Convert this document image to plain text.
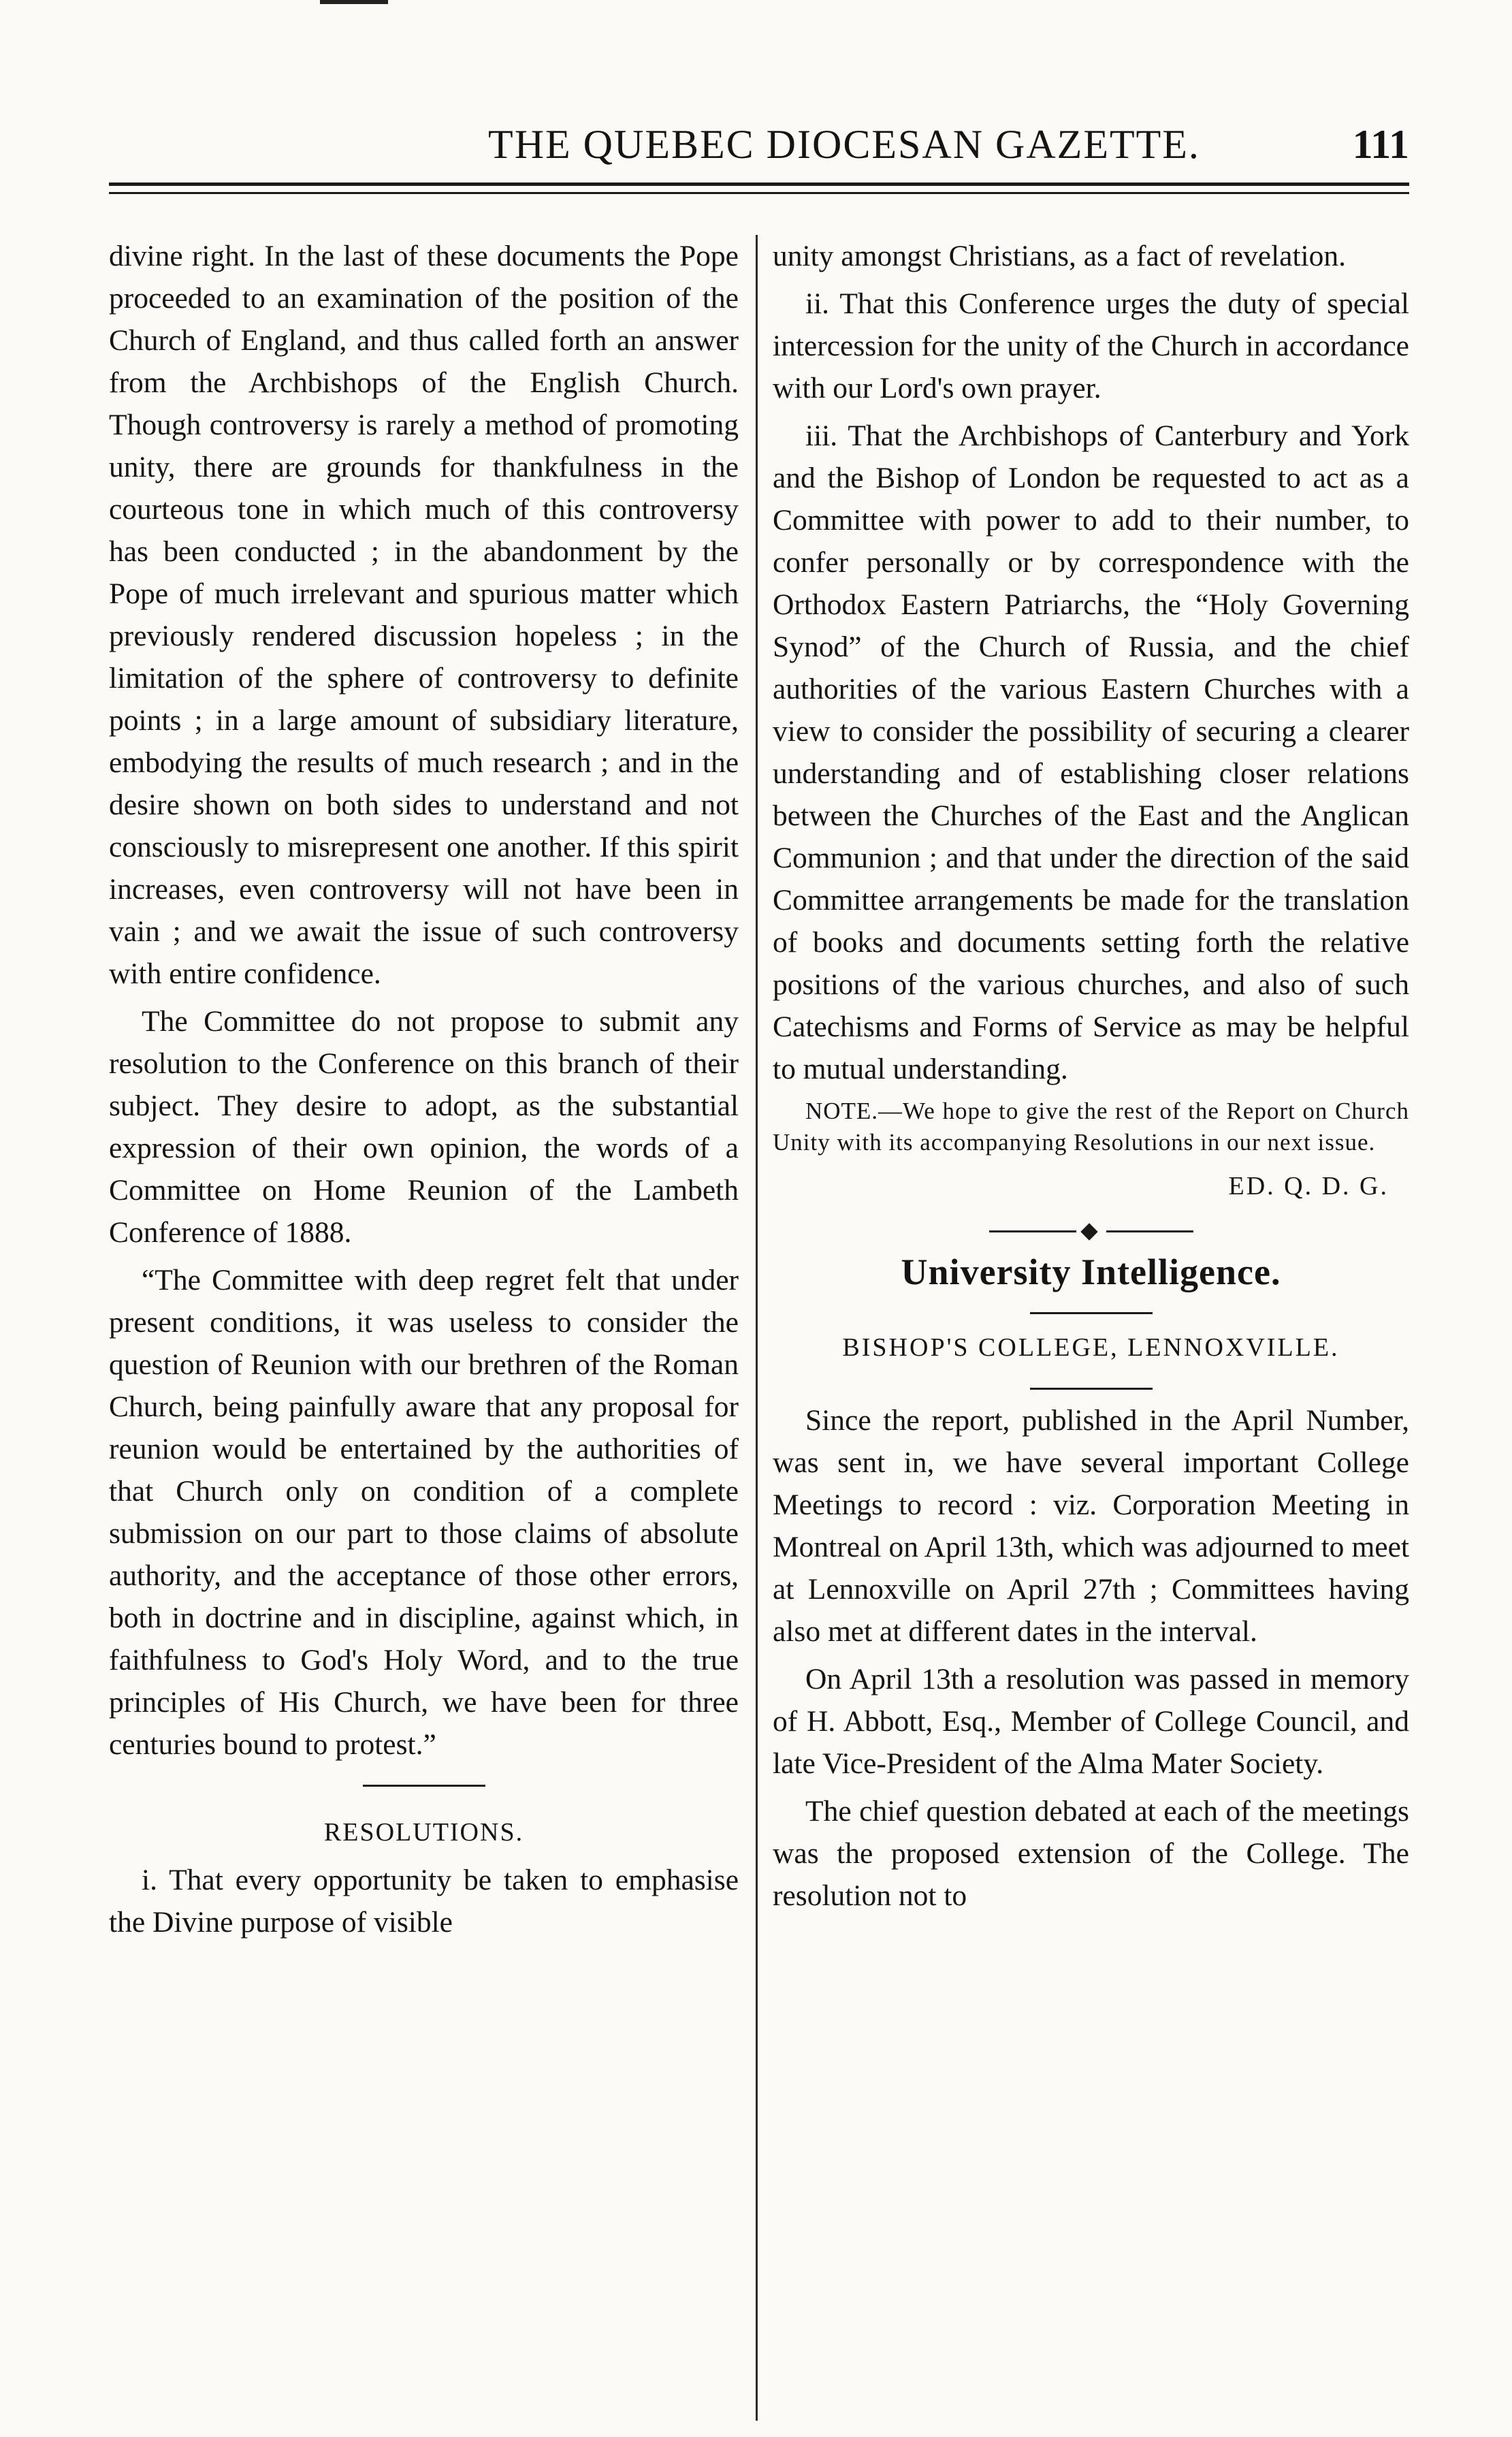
THE QUEBEC DIOCESAN GAZETTE.	111

divine right. In the last of these documents the Pope proceeded to an examination of the position of the Church of England, and thus called forth an answer from the Archbishops of the English Church. Though controversy is rarely a method of promoting unity, there are grounds for thankfulness in the courteous tone in which much of this controversy has been conducted ; in the abandonment by the Pope of much irrelevant and spurious matter which previously rendered discussion hopeless ; in the limitation of the sphere of controversy to definite points ; in a large amount of subsidiary literature, embodying the results of much research ; and in the desire shown on both sides to understand and not consciously to misrepresent one another. If this spirit increases, even controversy will not have been in vain ; and we await the issue of such controversy with entire confidence.

The Committee do not propose to submit any resolution to the Conference on this branch of their subject. They desire to adopt, as the substantial expression of their own opinion, the words of a Committee on Home Reunion of the Lambeth Conference of 1888.

“The Committee with deep regret felt that under present conditions, it was useless to consider the question of Reunion with our brethren of the Roman Church, being painfully aware that any proposal for reunion would be entertained by the authorities of that Church only on condition of a complete submission on our part to those claims of absolute authority, and the acceptance of those other errors, both in doctrine and in discipline, against which, in faithfulness to God's Holy Word, and to the true principles of His Church, we have been for three centuries bound to protest.”

RESOLUTIONS.

i. That every opportunity be taken to emphasise the Divine purpose of visible

unity amongst Christians, as a fact of revelation.

ii. That this Conference urges the duty of special intercession for the unity of the Church in accordance with our Lord's own prayer.

iii. That the Archbishops of Canterbury and York and the Bishop of London be requested to act as a Committee with power to add to their number, to confer personally or by correspondence with the Orthodox Eastern Patriarchs, the “Holy Governing Synod” of the Church of Russia, and the chief authorities of the various Eastern Churches with a view to consider the possibility of securing a clearer understanding and of establishing closer relations between the Churches of the East and the Anglican Communion ; and that under the direction of the said Committee arrangements be made for the translation of books and documents setting forth the relative positions of the various churches, and also of such Catechisms and Forms of Service as may be helpful to mutual understanding.

NOTE.—We hope to give the rest of the Report on Church Unity with its accompanying Resolutions in our next issue.
ED. Q. D. G.
University Intelligence.
BISHOP'S COLLEGE, LENNOXVILLE.

Since the report, published in the April Number, was sent in, we have several important College Meetings to record : viz. Corporation Meeting in Montreal on April 13th, which was adjourned to meet at Lennoxville on April 27th ; Committees having also met at different dates in the interval.

On April 13th a resolution was passed in memory of H. Abbott, Esq., Member of College Council, and late Vice-President of the Alma Mater Society.

The chief question debated at each of the meetings was the proposed extension of the College. The resolution not to
